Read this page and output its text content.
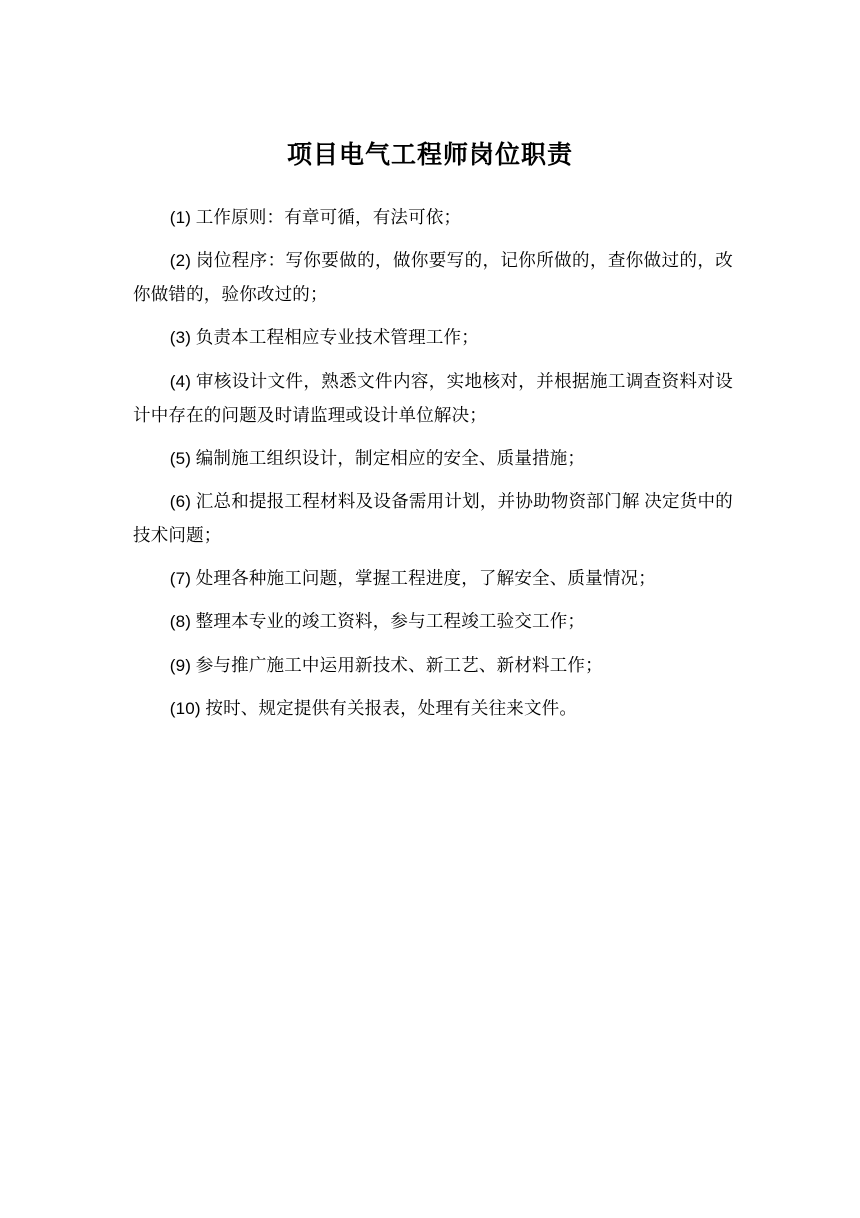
项目电气工程师岗位职责

(1) 工作原则：有章可循，有法可依；

(2) 岗位程序：写你要做的，做你要写的，记你所做的，查你做过的，改你做错的，验你改过的；

(3) 负责本工程相应专业技术管理工作；

(4) 审核设计文件，熟悉文件内容，实地核对，并根据施工调查资料对设计中存在的问题及时请监理或设计单位解决；

(5) 编制施工组织设计，制定相应的安全、质量措施；

(6) 汇总和提报工程材料及设备需用计划，并协助物资部门解 决定货中的技术问题；

(7) 处理各种施工问题，掌握工程进度，了解安全、质量情况；

(8) 整理本专业的竣工资料，参与工程竣工验交工作；

(9) 参与推广施工中运用新技术、新工艺、新材料工作；

(10) 按时、规定提供有关报表，处理有关往来文件。
